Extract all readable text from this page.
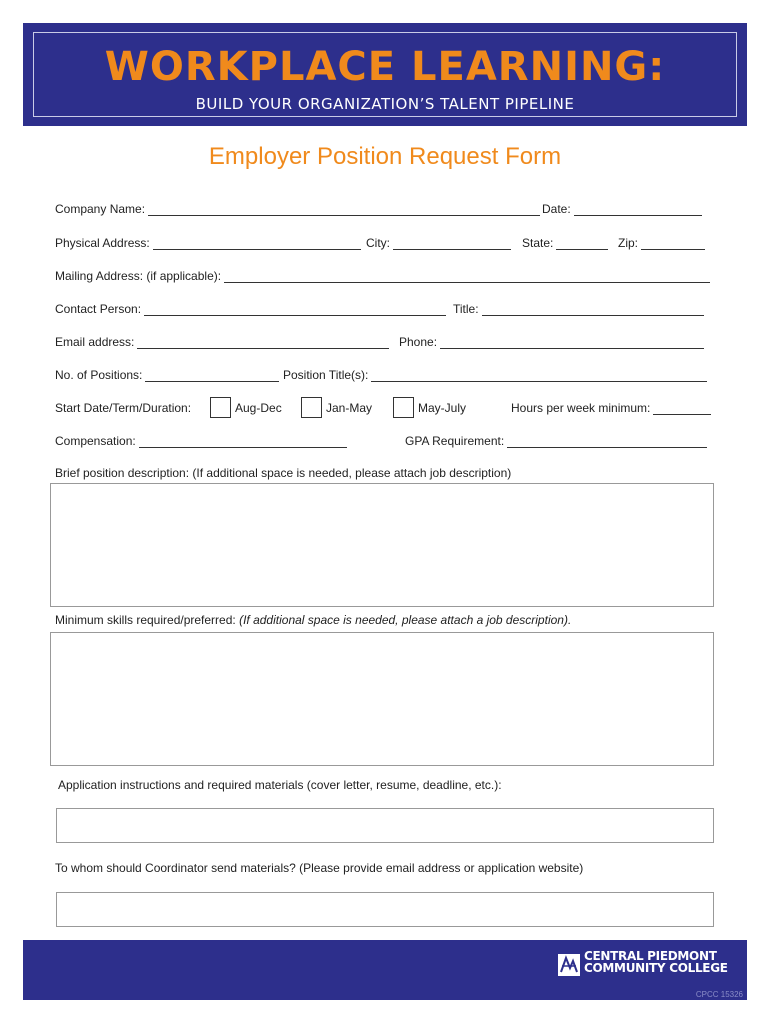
WORKPLACE LEARNING:
BUILD YOUR ORGANIZATION’S TALENT PIPELINE
Employer Position Request Form
Company Name:	Date:
Physical Address:	City:	State:	Zip:
Mailing Address: (if applicable):
Contact Person:	Title:
Email address:	Phone:
No. of Positions:	Position Title(s):
Start Date/Term/Duration:	Aug-Dec	Jan-May	May-July	Hours per week minimum:
Compensation:	GPA Requirement:
Brief position description: (If additional space is needed, please attach job description)
Minimum skills required/preferred: (If additional space is needed, please attach a job description).
Application instructions and required materials (cover letter, resume, deadline, etc.):
To whom should Coordinator send materials? (Please provide email address or application website)
CENTRAL PIEDMONT
COMMUNITY COLLEGE
CPCC 15326
